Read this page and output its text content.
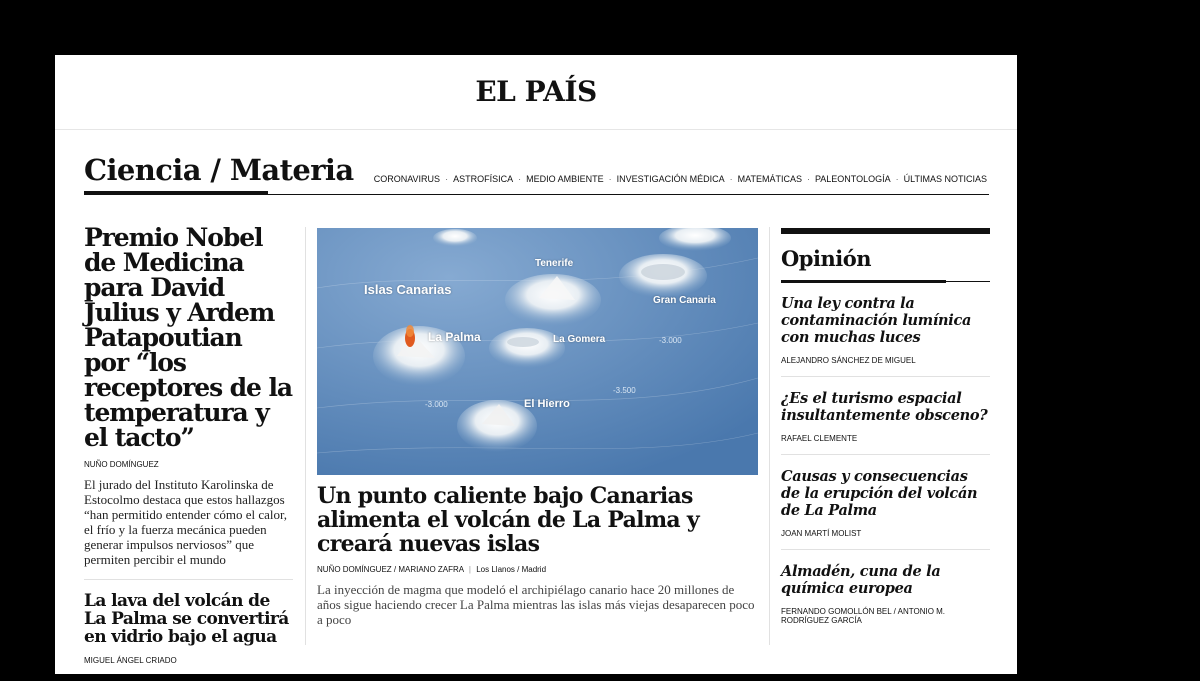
EL PAÍS
Ciencia / Materia CORONAVIRUS · ASTROFÍSICA · MEDIO AMBIENTE · INVESTIGACIÓN MÉDICA · MATEMÁTICAS · PALEONTOLOGÍA · ÚLTIMAS NOTICIAS
Premio Nobel de Medicina para David Julius y Ardem Patapoutian por “los receptores de la temperatura y el tacto”
NUÑO DOMÍNGUEZ

El jurado del Instituto Karolinska de Estocolmo destaca que estos hallazgos “han permitido entender cómo el calor, el frío y la fuerza mecánica pueden generar impulsos nerviosos” que permiten percibir el mundo

La lava del volcán de La Palma se convertirá en vidrio bajo el agua
MIGUEL ÁNGEL CRIADO
Islas Canarias
Tenerife
Gran Canaria
La Palma	La Gomera
El Hierro
-3.000
-3.500
-3.000
Un punto caliente bajo Canarias alimenta el volcán de La Palma y creará nuevas islas
NUÑO DOMÍNGUEZ / MARIANO ZAFRA | Los Llanos / Madrid

La inyección de magma que modeló el archipiélago canario hace 20 millones de años sigue haciendo crecer La Palma mientras las islas más viejas desaparecen poco a poco

Opinión
Una ley contra la contaminación lumínica con muchas luces
ALEJANDRO SÁNCHEZ DE MIGUEL
¿Es el turismo espacial insultantemente obsceno?
RAFAEL CLEMENTE
Causas y consecuencias de la erupción del volcán de La Palma
JOAN MARTÍ MOLIST
Almadén, cuna de la química europea
FERNANDO GOMOLLÓN BEL / ANTONIO M. RODRÍGUEZ GARCÍA
